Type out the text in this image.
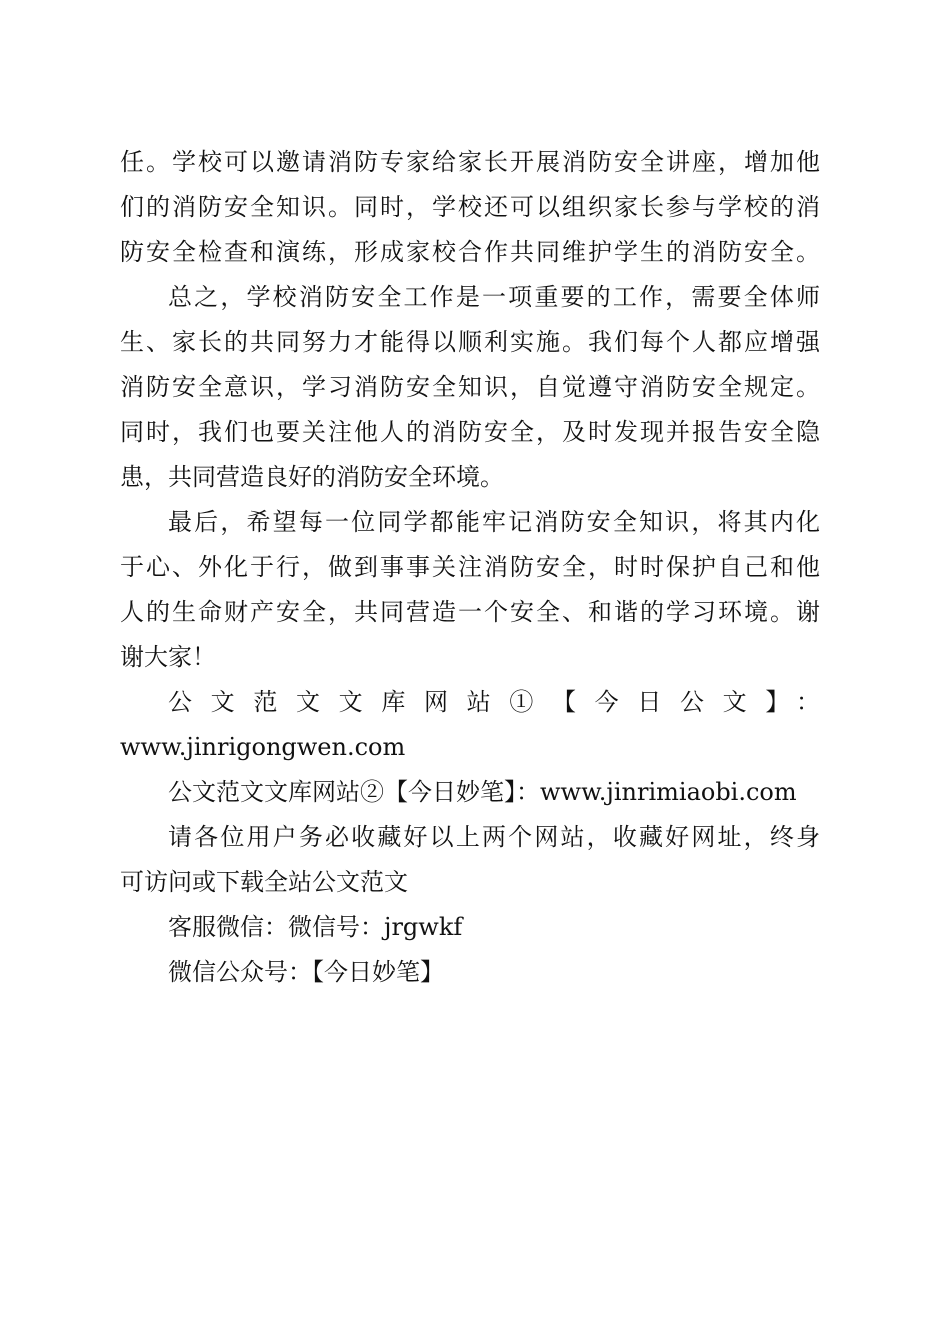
任。学校可以邀请消防专家给家长开展消防安全讲座，增加他
们的消防安全知识。同时，学校还可以组织家长参与学校的消
防安全检查和演练，形成家校合作共同维护学生的消防安全。
总之，学校消防安全工作是一项重要的工作，需要全体师
生、家长的共同努力才能得以顺利实施。我们每个人都应增强
消防安全意识，学习消防安全知识，自觉遵守消防安全规定。
同时，我们也要关注他人的消防安全，及时发现并报告安全隐
患，共同营造良好的消防安全环境。
最后，希望每一位同学都能牢记消防安全知识，将其内化
于心、外化于行，做到事事关注消防安全，时时保护自己和他
人的生命财产安全，共同营造一个安全、和谐的学习环境。谢
谢大家！
公文范文文库网站①【今日公文】：
www.jinrigongwen.com
公文范文文库网站②【今日妙笔】：www.jinrimiaobi.com
请各位用户务必收藏好以上两个网站，收藏好网址，终身
可访问或下载全站公文范文
客服微信：微信号：jrgwkf
微信公众号：【今日妙笔】
